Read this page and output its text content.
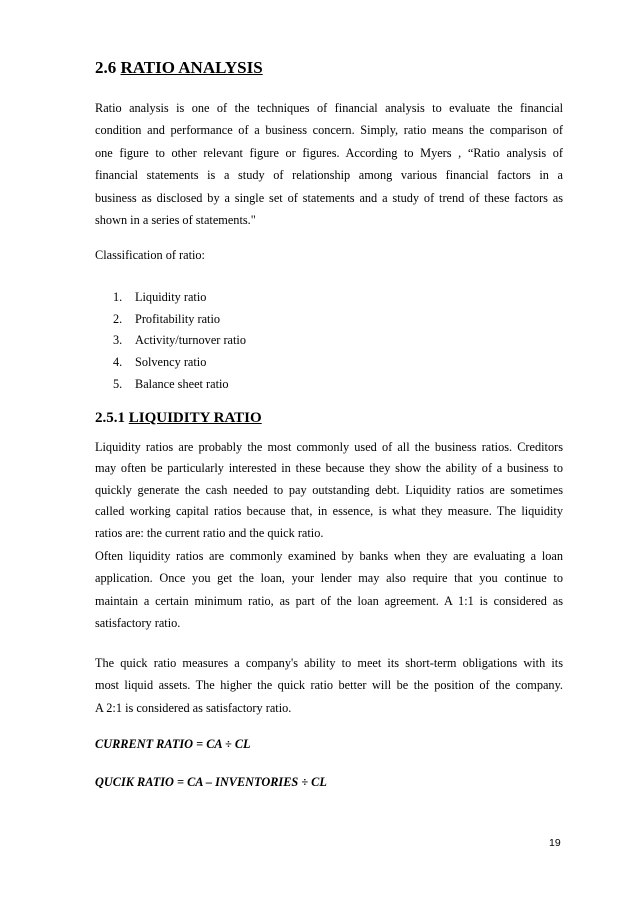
2.6 RATIO ANALYSIS
Ratio analysis is one of the techniques of financial analysis to evaluate the financial
condition and performance of a business concern. Simply, ratio means the comparison of
one figure to other relevant figure or figures. According to Myers , “Ratio analysis of
financial statements is a study of relationship among various financial factors in a
business as disclosed by a single set of statements and a study of trend of these factors as
shown in a series of statements."
Classification of ratio:
1. Liquidity ratio
2. Profitability ratio
3. Activity/turnover ratio
4. Solvency ratio
5. Balance sheet ratio
2.5.1 LIQUIDITY RATIO
Liquidity ratios are probably the most commonly used of all the business ratios. Creditors
may often be particularly interested in these because they show the ability of a business to
quickly generate the cash needed to pay outstanding debt. Liquidity ratios are sometimes
called working capital ratios because that, in essence, is what they measure. The liquidity
ratios are: the current ratio and the quick ratio.
Often liquidity ratios are commonly examined by banks when they are evaluating a loan
application. Once you get the loan, your lender may also require that you continue to
maintain a certain minimum ratio, as part of the loan agreement. A 1:1 is considered as
satisfactory ratio.
The quick ratio measures a company's ability to meet its short-term obligations with its
most liquid assets. The higher the quick ratio better will be the position of the company.
A 2:1 is considered as satisfactory ratio.
CURRENT RATIO = CA ÷ CL
QUCIK RATIO = CA – INVENTORIES ÷ CL
19
